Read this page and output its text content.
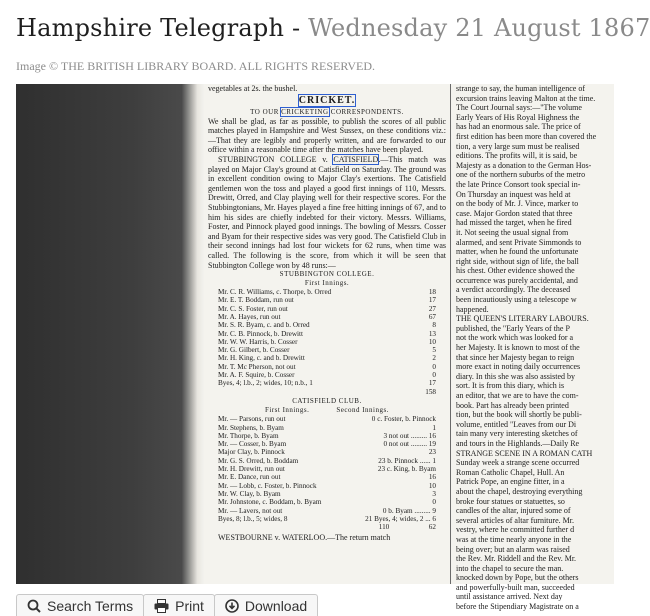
Hampshire Telegraph - Wednesday 21 August 1867
Image © THE BRITISH LIBRARY BOARD. ALL RIGHTS RESERVED.

vegetables at 2s. the bushel.

CRICKET.

TO OUR CRICKETING CORRESPONDENTS.

We shall be glad, as far as possible, to publish the scores of all public matches played in Hampshire and West Sussex, on these conditions viz.:—That they are legibly and properly written, and are forwarded to our office within a reasonable time after the matches have been played.

STUBBINGTON COLLEGE v. CATISFIELD.—This match was played on Major Clay's ground at Catisfield on Saturday. The ground was in excellent condition owing to Major Clay's exertions. The Catisfield gentlemen won the toss and played a good first innings of 110, Messrs. Drewitt, Orred, and Clay playing well for their respective scores. For the Stubbingtonians, Mr. Hayes played a fine free hitting innings of 67, and to him his sides are chiefly indebted for their victory. Messrs. Williams, Foster, and Pinnock played good innings. The bowling of Messrs. Cosser and Byam for their respective sides was very good. The Catisfield Club in their second innings had lost four wickets for 62 runs, when time was called. The following is the score, from which it will be seen that Stubbington College won by 48 runs:—

STUBBINGTON COLLEGE.

First Innings.

Mr. C. R. Williams, c. Thorpe, b. Orred	18
Mr. E. T. Boddam, run out	17
Mr. C. S. Foster, run out	27
Mr. A. Hayes, run out	67
Mr. S. R. Byam, c. and b. Orred	8
Mr. C. B. Pinnock, b. Drewitt	13
Mr. W. W. Harris, b. Cosser	10
Mr. G. Gilbert, b. Cosser	5
Mr. H. King, c. and b. Drewitt	2
Mr. T. Mc Pherson, not out	0
Mr. A. F. Squire, b. Cosser	0
Byes, 4; l.b., 2; wides, 10; n.b., 1	17

158

CATISFIELD CLUB.

First Innings.            Second Innings.

Mr. — Parsons, run out	0 c. Foster, b. Pinnock
Mr. Stephens, b. Byam	1
Mr. Thorpe, b. Byam	3 not out ......... 16
Mr. — Cosser, b. Byam	0 not out ......... 19
Major Clay, b. Pinnock	23
Mr. G. S. Orred, b. Boddam	23 b. Pinnock ...... 1
Mr. H. Drewitt, run out	23 c. King, b. Byam
Mr. E. Dance, run out	16
Mr. — Lobb, c. Foster, b. Pinnock	10
Mr. W. Clay, b. Byam	3
Mr. Johnstone, c. Boddam, b. Byam	0
Mr. — Lavers, not out	0 b. Byam ......... 9
Byes, 8; l.b., 5; wides, 8	21 Byes, 4; wides, 2 ... 6

110                      62

WESTBOURNE v. WATERLOO.—The return match

strange to say, the human intelligence of

excursion trains leaving Malton at the time.

The Court Journal says:—"The volume

Early Years of His Royal Highness the

has had an enormous sale. The price of

first edition has been more than covered the

tion, a very large sum must be realised

editions. The profits will, it is said, be

Majesty as a donation to the German Hos-

one of the northern suburbs of the metro

the late Prince Consort took special in-

On Thursday an inquest was held at

on the body of Mr. J. Vince, marker to

case. Major Gordon stated that three

had missed the target, when he fired

it. Not seeing the usual signal from

alarmed, and sent Private Simmonds to

matter, when he found the unfortunate

right side, without sign of life, the ball

his chest. Other evidence showed the

occurrence was purely accidental, and

a verdict accordingly. The deceased

been incautiously using a telescope w

happened.

THE QUEEN'S LITERARY LABOURS.

published, the "Early Years of the P

not the work which was looked for a

her Majesty. It is known to most of the

that since her Majesty began to reign

more exact in noting daily occurrences

diary. In this she was also assisted by

sort. It is from this diary, which is

an editor, that we are to have the com-

book. Part has already been printed

tion, but the book will shortly be publi-

volume, entitled "Leaves from our Di

tain many very interesting sketches of

and tours in the Highlands.—Daily Re

STRANGE SCENE IN A ROMAN CATH

Sunday week a strange scene occurred

Roman Catholic Chapel, Hull. An

Patrick Pope, an engine fitter, in a

about the chapel, destroying everything

broke four statues or statuettes, so

candles of the altar, injured some of

several articles of altar furniture. Mr.

vestry, where he committed further d

was at the time nearly anyone in the

being over; but an alarm was raised

the Rev. Mr. Riddell and the Rev. Mr.

into the chapel to secure the man.

knocked down by Pope, but the others

and powerfully-built man, succeeded

until assistance arrived. Next day

before the Stipendiary Magistrate on a

Search Terms	Print	Download
